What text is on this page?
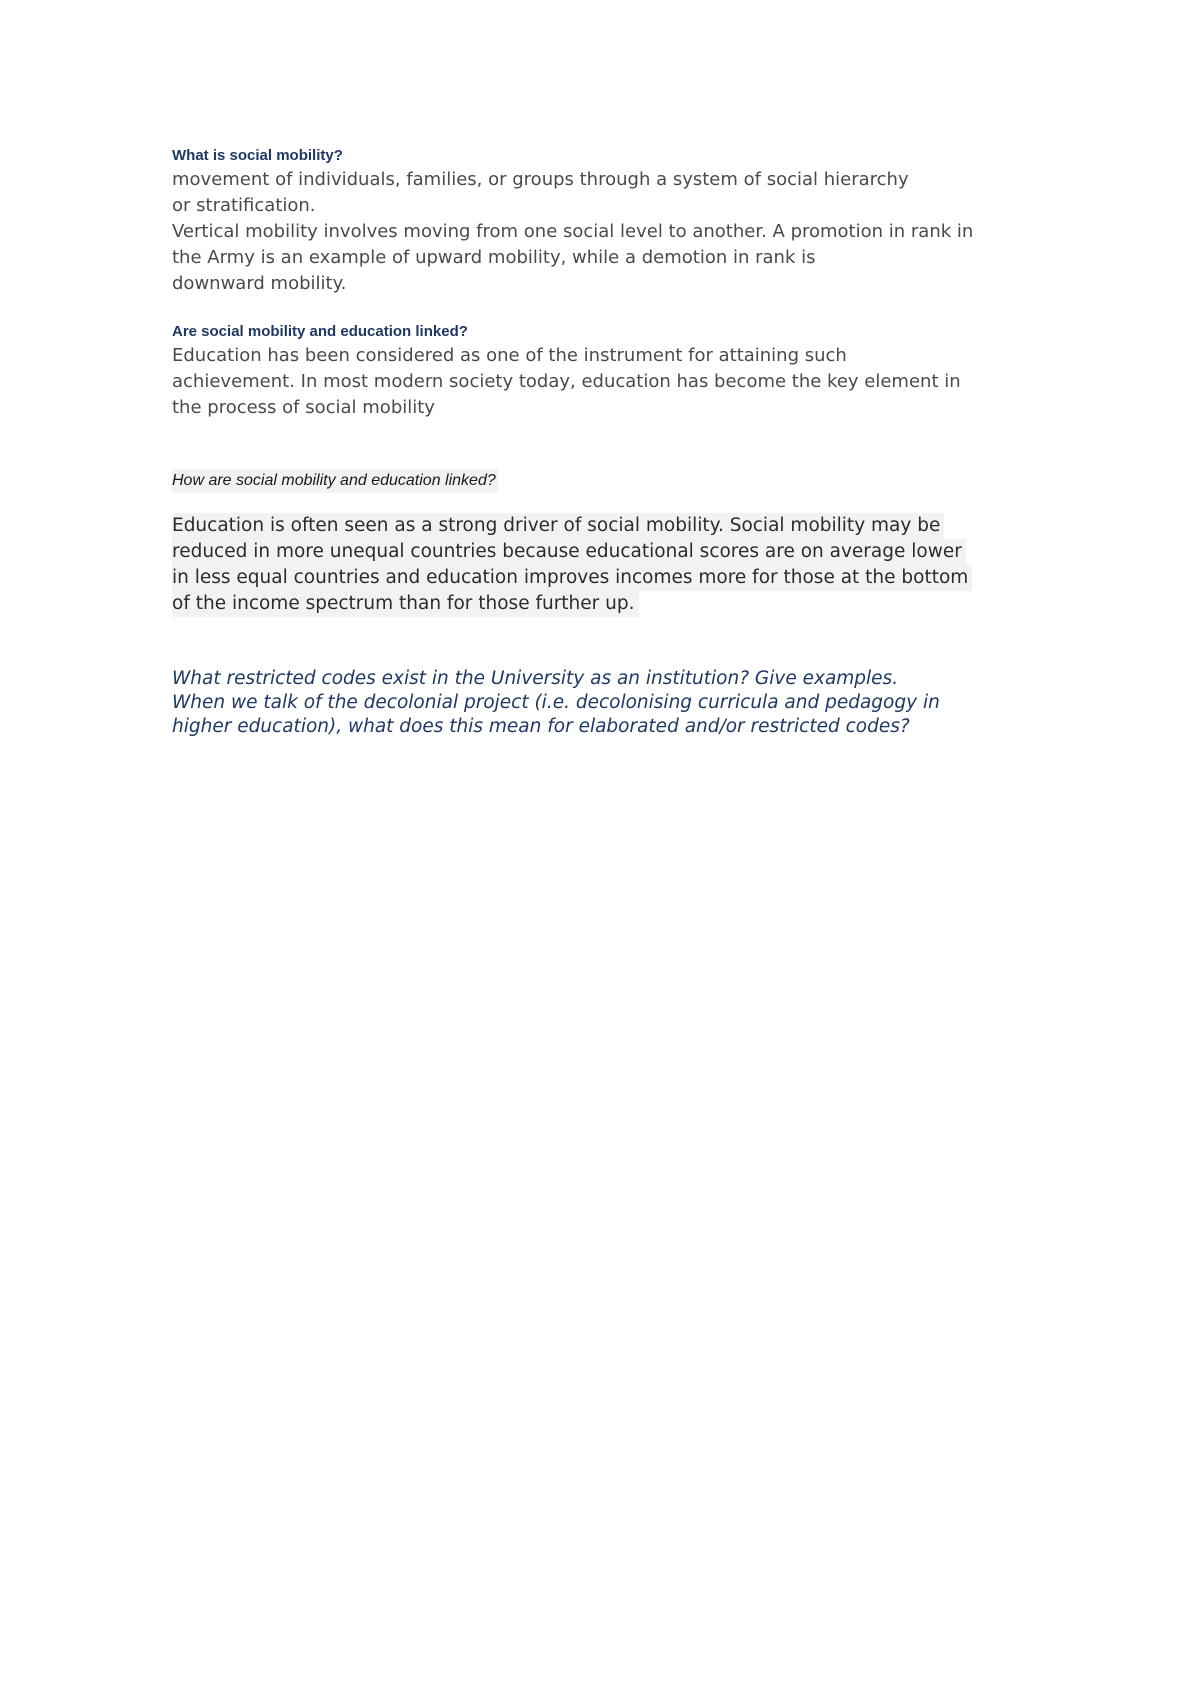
What is social mobility?

movement of individuals, families, or groups through a system of social hierarchy

or stratification.

Vertical mobility involves moving from one social level to another. A promotion in rank in

the Army is an example of upward mobility, while a demotion in rank is

downward mobility.

Are social mobility and education linked?

Education has been considered as one of the instrument for attaining such

achievement. In most modern society today, education has become the key element in

the process of social mobility

How are social mobility and education linked?

Education is often seen as a strong driver of social mobility. Social mobility may be
reduced in more unequal countries because educational scores are on average lower
in less equal countries and education improves incomes more for those at the bottom
of the income spectrum than for those further up.

What restricted codes exist in the University as an institution? Give examples.

When we talk of the decolonial project (i.e. decolonising curricula and pedagogy in

higher education), what does this mean for elaborated and/or restricted codes?
